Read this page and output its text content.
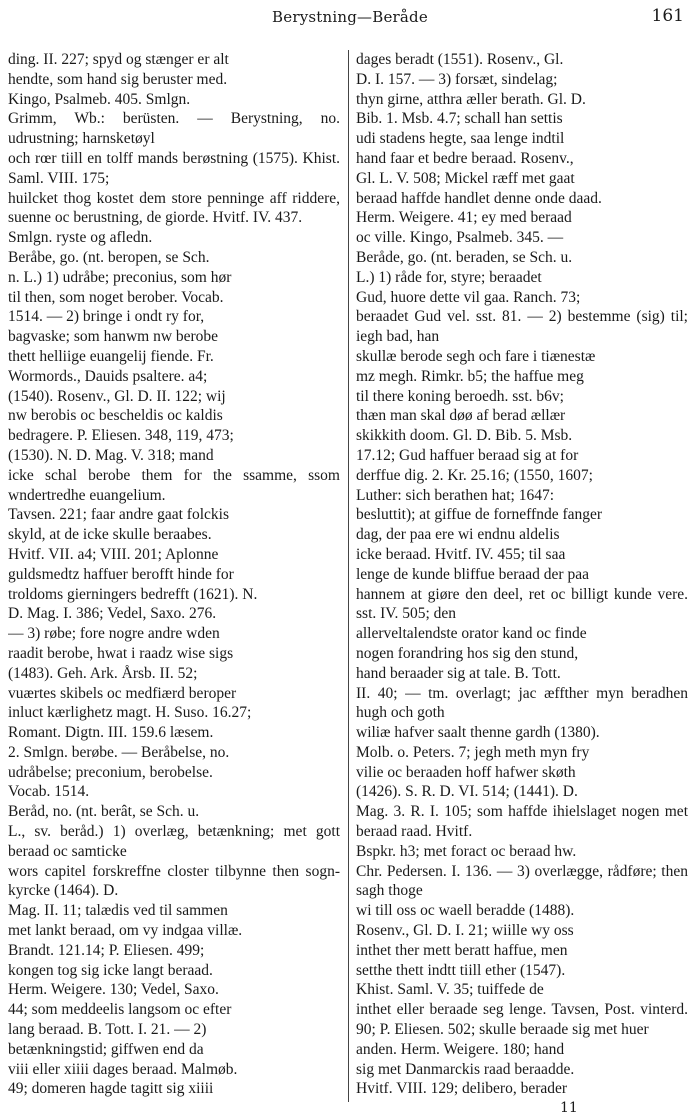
Berystning—Beråde	161
ding. II. 227; spyd og stænger er alt
hendte, som hand sig beruster med.
Kingo, Psalmeb. 405. Smlgn.
Grimm, Wb.: berüsten. — Berystning, no. udrustning; harnsketøyl
och rœr tiill en tolff mands berøstning (1575). Khist. Saml. VIII. 175;
huilcket thog kostet dem store penninge aff riddere, suenne oc berustning, de giorde. Hvitf. IV. 437.
Smlgn. ryste og afledn.
Beråbe, go. (nt. beropen, se Sch.
n. L.) 1) udråbe; preconius, som hør
til then, som noget berober. Vocab.
1514. — 2) bringe i ondt ry for,
bagvaske; som hanwm nw berobe
thett helliige euangelij fiende. Fr.
Wormords., Dauids psaltere. a4;
(1540). Rosenv., Gl. D. II. 122; wij
nw berobis oc bescheldis oc kaldis
bedragere. P. Eliesen. 348, 119, 473;
(1530). N. D. Mag. V. 318; mand
icke schal berobe them for the ssamme, ssom wndertredhe euangelium.
Tavsen. 221; faar andre gaat folckis
skyld, at de icke skulle beraabes.
Hvitf. VII. a4; VIII. 201; Aplonne
guldsmedtz haffuer berofft hinde for
troldoms gierningers bedrefft (1621). N.
D. Mag. I. 386; Vedel, Saxo. 276.
— 3) røbe; fore nogre andre wden
raadit berobe, hwat i raadz wise sigs
(1483). Geh. Ark. Årsb. II. 52;
vuærtes skibels oc medfiærd beroper
inluct kærlighetz magt. H. Suso. 16.27;
Romant. Digtn. III. 159.6 læsem.
2. Smlgn. berøbe. — Beråbelse, no.
udråbelse; preconium, berobelse.
Vocab. 1514.
Beråd, no. (nt. berât, se Sch. u.
L., sv. beråd.) 1) overlæg, betænkning; met gott beraad oc samticke
wors capitel forskreffne closter tilbynne then sogn-kyrcke (1464). D.
Mag. II. 11; talædis ved til sammen
met lankt beraad, om vy indgaa villæ.
Brandt. 121.14; P. Eliesen. 499;
kongen tog sig icke langt beraad.
Herm. Weigere. 130; Vedel, Saxo.
44; som meddeelis langsom oc efter
lang beraad. B. Tott. I. 21. — 2)
betænkningstid; giffwen end da
viii eller xiiii dages beraad. Malmøb.
49; domeren hagde tagitt sig xiiii
dages beradt (1551). Rosenv., Gl.
D. I. 157. — 3) forsæt, sindelag;
thyn girne, atthra æller berath. Gl. D.
Bib. 1. Msb. 4.7; schall han settis
udi stadens hegte, saa lenge indtil
hand faar et bedre beraad. Rosenv.,
Gl. L. V. 508; Mickel ræff met gaat
beraad haffde handlet denne onde daad.
Herm. Weigere. 41; ey med beraad
oc ville. Kingo, Psalmeb. 345. —
Beråde, go. (nt. beraden, se Sch. u.
L.) 1) råde for, styre; beraadet
Gud, huore dette vil gaa. Ranch. 73;
beraadet Gud vel. sst. 81. — 2) bestemme (sig) til; iegh bad, han
skullæ berode segh och fare i tiænestæ
mz megh. Rimkr. b5; the haffue meg
til there koning beroedh. sst. b6v;
thæn man skal døø af berad ællær
skikkith doom. Gl. D. Bib. 5. Msb.
17.12; Gud haffuer beraad sig at for
derffue dig. 2. Kr. 25.16; (1550, 1607;
Luther: sich berathen hat; 1647:
besluttit); at giffue de forneffnde fanger
dag, der paa ere wi endnu aldelis
icke beraad. Hvitf. IV. 455; til saa
lenge de kunde bliffue beraad der paa
hannem at giøre den deel, ret oc billigt kunde vere. sst. IV. 505; den
allerveltalendste orator kand oc finde
nogen forandring hos sig den stund,
hand beraader sig at tale. B. Tott.
II. 40; — tm. overlagt; jac æffther myn beradhen hugh och goth
wiliæ hafver saalt thenne gardh (1380).
Molb. o. Peters. 7; jegh meth myn fry
vilie oc beraaden hoff hafwer skøth
(1426). S. R. D. VI. 514; (1441). D.
Mag. 3. R. I. 105; som haffde ihielslaget nogen met beraad raad. Hvitf.
Bspkr. h3; met foract oc beraad hw.
Chr. Pedersen. I. 136. — 3) overlægge, rådføre; then sagh thoge
wi till oss oc waell beradde (1488).
Rosenv., Gl. D. I. 21; wiille wy oss
inthet ther mett beratt haffue, men
setthe thett indtt tiill ether (1547).
Khist. Saml. V. 35; tuiffede de
inthet eller beraade seg lenge. Tavsen, Post. vinterd. 90; P. Eliesen. 502; skulle beraade sig met huer
anden. Herm. Weigere. 180; hand
sig met Danmarckis raad beraadde.
Hvitf. VIII. 129; delibero, berader
11
